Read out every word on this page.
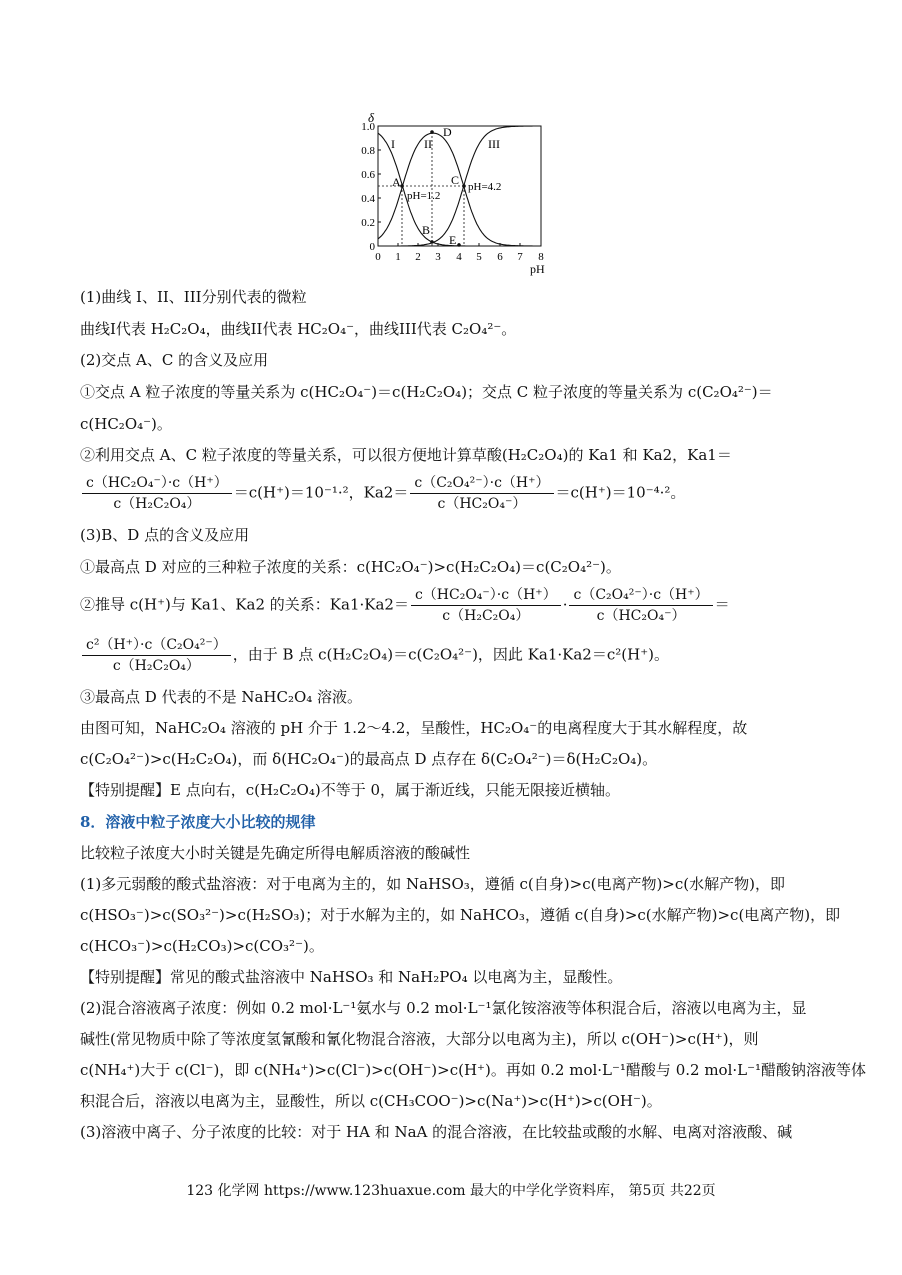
δ
pH
0
0.2
0.4
0.6
0.8
1.0
0 1 2 3 4 5 6 7 8
I II	III
A
B
C
D
E
pH=1.2
pH=4.2
(1)曲线 I、II、III分别代表的微粒
曲线I代表 H₂C₂O₄，曲线II代表 HC₂O₄⁻，曲线III代表 C₂O₄²⁻。
(2)交点 A、C 的含义及应用
①交点 A 粒子浓度的等量关系为 c(HC₂O₄⁻)＝c(H₂C₂O₄)；交点 C 粒子浓度的等量关系为 c(C₂O₄²⁻)＝
c(HC₂O₄⁻)。
②利用交点 A、C 粒子浓度的等量关系，可以很方便地计算草酸(H₂C₂O₄)的 Ka1 和 Ka2，Ka1＝
$\frac{\text{c（HC₂O₄⁻）·c（H⁺）}}{\text{c（H₂C₂O₄）}} =c(H^+)=10^{-1}\cdot^2$，$Ka2= \frac{\text{c（C₂O₄²⁻）·c（H⁺）}}{\text{c（HC₂O₄⁻）}} =c(H^+)=10^{-4}\cdot^2$。
(3)B、D 点的含义及应用
①最高点 D 对应的三种粒子浓度的关系：c(HC₂O₄⁻)>c(H₂C₂O₄)＝c(C₂O₄²⁻)。
②推导 c(H⁺)与 Ka1、Ka2 的关系：$Ka1\cdot Ka2= \frac{\text{c（HC₂O₄⁻）·c（H⁺）}}{\text{c（H₂C₂O₄）}} \cdot \frac{\text{c（C₂O₄²⁻）·c（H⁺）}}{\text{c（HC₂O₄⁻）}}$ ＝
$\frac{\text{c²（H⁺）·c（C₂O₄²⁻）}}{\text{c（H₂C₂O₄）}}$ ，由于 B 点 c(H₂C₂O₄)＝c(C₂O₄²⁻)，因此 Ka1·Ka2＝c²(H⁺)。
③最高点 D 代表的不是 NaHC₂O₄ 溶液。
由图可知，NaHC₂O₄ 溶液的 pH 介于 1.2～4.2，呈酸性，HC₂O₄⁻的电离程度大于其水解程度，故
c(C₂O₄²⁻)>c(H₂C₂O₄)，而 δ(HC₂O₄⁻)的最高点 D 点存在 δ(C₂O₄²⁻)＝δ(H₂C₂O₄)。
【特别提醒】E 点向右，c(H₂C₂O₄)不等于 0，属于渐近线，只能无限接近横轴。
8．溶液中粒子浓度大小比较的规律
比较粒子浓度大小时关键是先确定所得电解质溶液的酸碱性
(1)多元弱酸的酸式盐溶液：对于电离为主的，如 NaHSO₃，遵循 c(自身)>c(电离产物)>c(水解产物)，即
c(HSO₃⁻)>c(SO₃²⁻)>c(H₂SO₃)；对于水解为主的，如 NaHCO₃，遵循 c(自身)>c(水解产物)>c(电离产物)，即
c(HCO₃⁻)>c(H₂CO₃)>c(CO₃²⁻)。
【特别提醒】常见的酸式盐溶液中 NaHSO₃ 和 NaH₂PO₄ 以电离为主，显酸性。
(2)混合溶液离子浓度：例如 0.2 mol·L⁻¹氨水与 0.2 mol·L⁻¹氯化铵溶液等体积混合后，溶液以电离为主，显
碱性(常见物质中除了等浓度氢氰酸和氰化物混合溶液，大部分以电离为主)，所以 c(OH⁻)>c(H⁺)，则
c(NH₄⁺)大于 c(Cl⁻)，即 c(NH₄⁺)>c(Cl⁻)>c(OH⁻)>c(H⁺)。再如 0.2 mol·L⁻¹醋酸与 0.2 mol·L⁻¹醋酸钠溶液等体
积混合后，溶液以电离为主，显酸性，所以 c(CH₃COO⁻)>c(Na⁺)>c(H⁺)>c(OH⁻)。
(3)溶液中离子、分子浓度的比较：对于 HA 和 NaA 的混合溶液，在比较盐或酸的水解、电离对溶液酸、碱
123 化学网 https://www.123huaxue.com 最大的中学化学资料库， 第5页 共22页
